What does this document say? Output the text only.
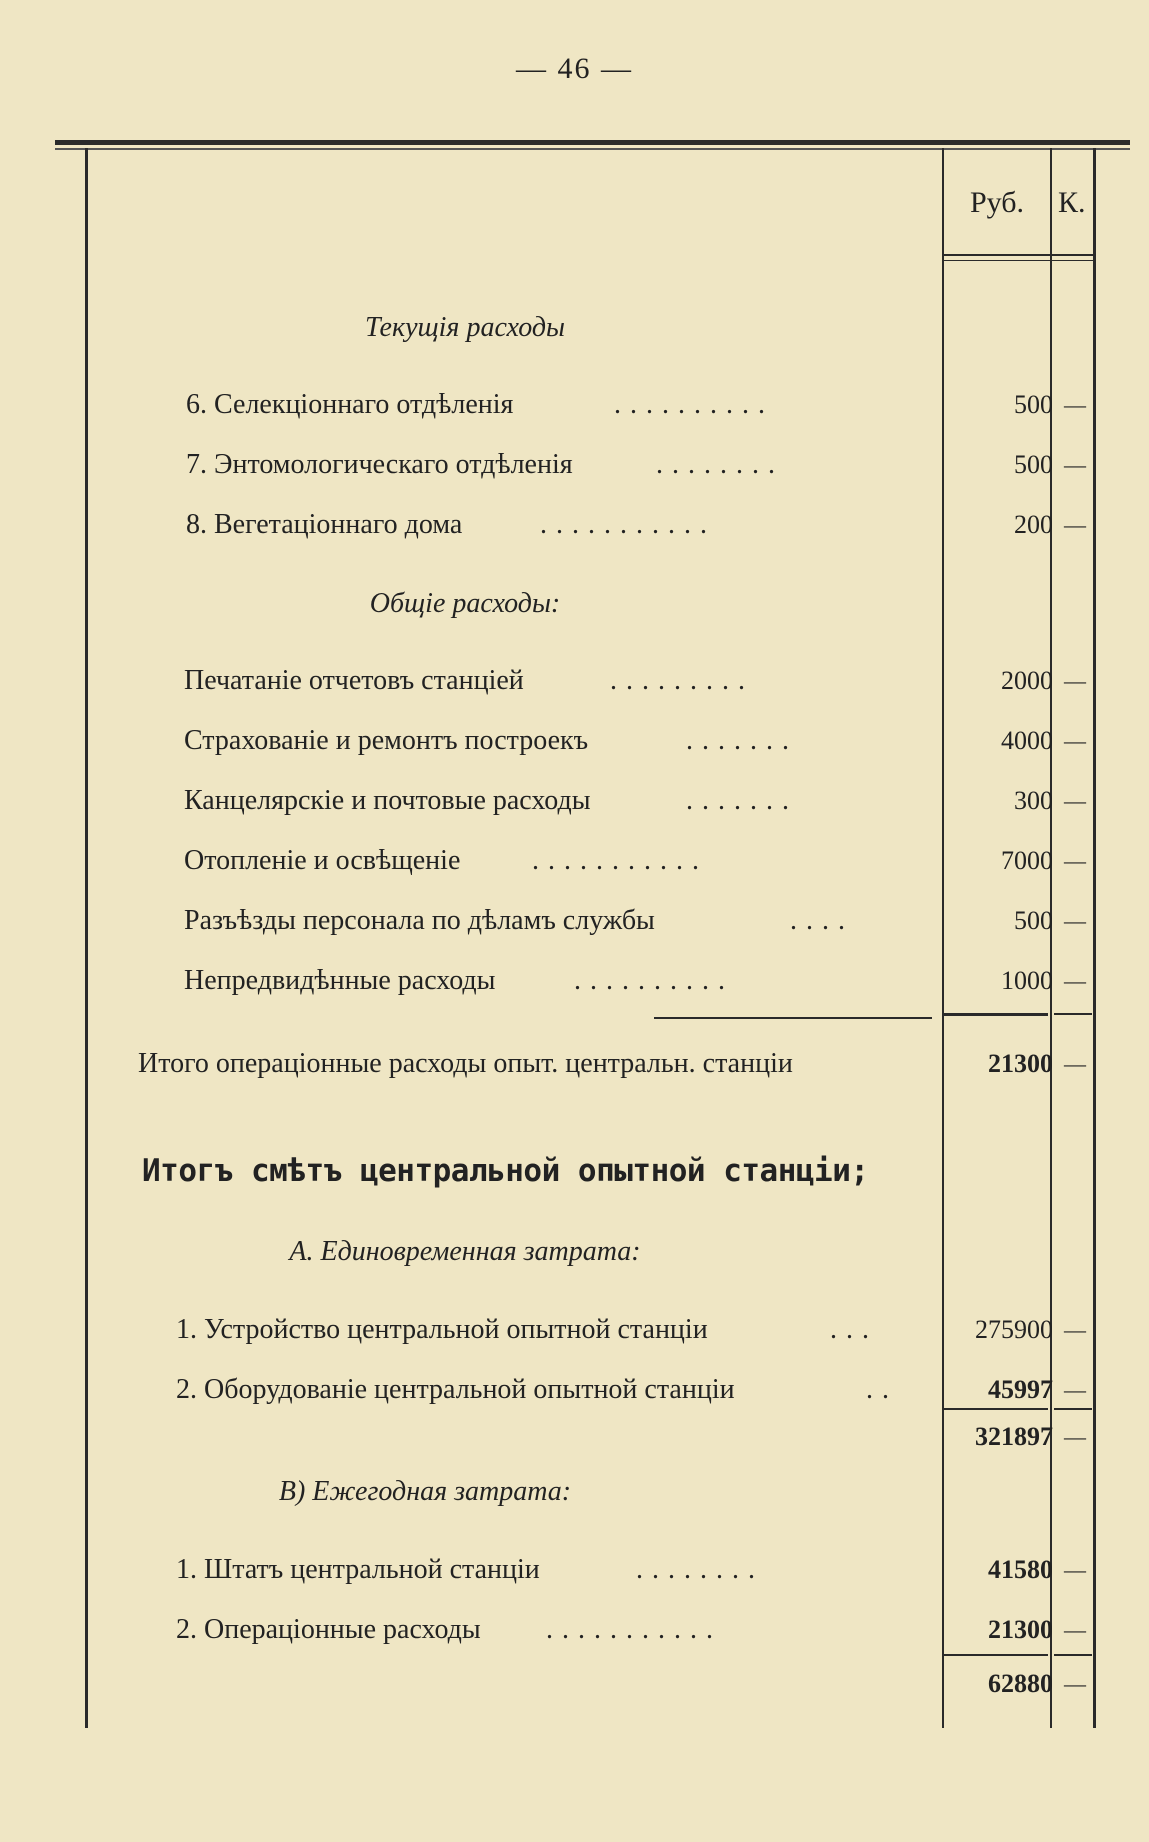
— 46 —
Руб. К.
Текущія расходы
6. Селекціоннаго отдѣленія	..........	500 —
7. Энтомологическаго отдѣленія	........	500 —
8. Вегетаціоннаго дома	...........	200 —
Общіе расходы:
Печатаніе отчетовъ станціей	.........	2000 —
Страхованіе и ремонтъ построекъ	.......	4000 —
Канцелярскіе и почтовые расходы	.......	300 —
Отопленіе и освѣщеніе	...........	7000 —
Разъѣзды персонала по дѣламъ службы	....	500 —
Непредвидѣнные расходы	..........	1000 —
Итого операціонные расходы опыт. центральн. станціи	21300 —
Итогъ смѣтъ центральной опытной станціи;
А. Единовременная затрата:
1. Устройство центральной опытной станціи	...	275900 —
2. Оборудованіе центральной опытной станціи	..	45997 —
321897 —
В) Ежегодная затрата:
1. Штатъ центральной станціи	........	41580 —
2. Операціонные расходы ...........	21300 —
62880 —
